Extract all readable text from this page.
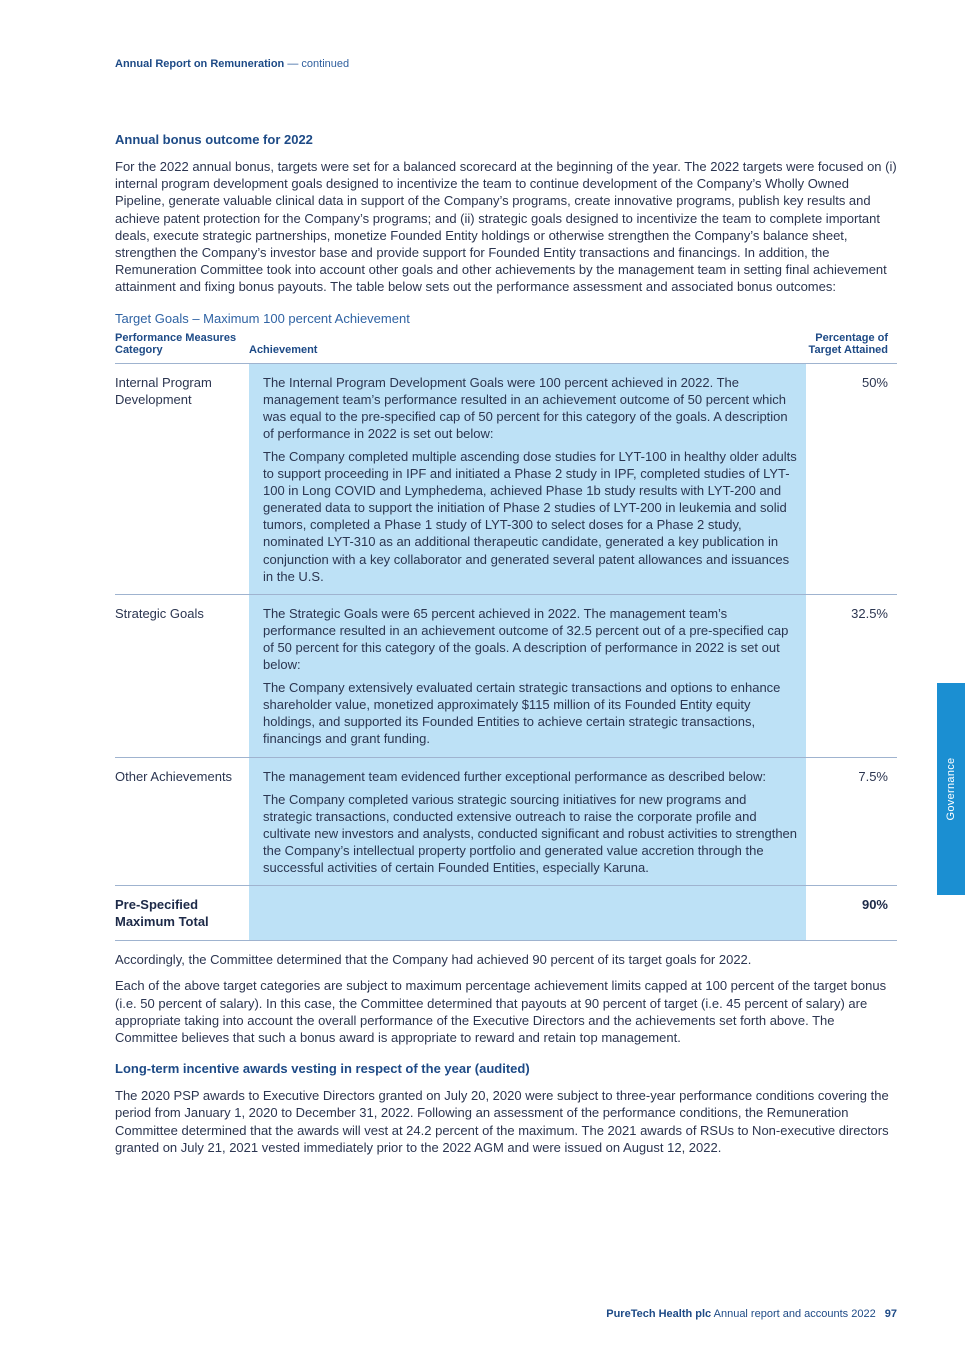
Annual Report on Remuneration — continued
Annual bonus outcome for 2022

For the 2022 annual bonus, targets were set for a balanced scorecard at the beginning of the year. The 2022 targets were focused on (i) internal program development goals designed to incentivize the team to continue development of the Company’s Wholly Owned Pipeline, generate valuable clinical data in support of the Company’s programs, create innovative programs, publish key results and achieve patent protection for the Company’s programs; and (ii) strategic goals designed to incentivize the team to complete important deals, execute strategic partnerships, monetize Founded Entity holdings or otherwise strengthen the Company’s balance sheet, strengthen the Company’s investor base and provide support for Founded Entity transactions and financings. In addition, the Remuneration Committee took into account other goals and other achievements by the management team in setting final achievement attainment and fixing bonus payouts. The table below sets out the performance assessment and associated bonus outcomes:

Target Goals – Maximum 100 percent Achievement
Performance Measures Category	Achievement	Percentage of Target Attained
Internal Program Development	The Internal Program Development Goals were 100 percent achieved in 2022. The management team’s performance resulted in an achievement outcome of 50 percent which was equal to the pre-specified cap of 50 percent for this category of the goals. A description of performance in 2022 is set out below:

The Company completed multiple ascending dose studies for LYT-100 in healthy older adults to support proceeding in IPF and initiated a Phase 2 study in IPF, completed studies of LYT-100 in Long COVID and Lymphedema, achieved Phase 1b study results with LYT-200 and generated data to support the initiation of Phase 2 studies of LYT-200 in leukemia and solid tumors, completed a Phase 1 study of LYT-300 to select doses for a Phase 2 study, nominated LYT-310 as an additional therapeutic candidate, generated a key publication in conjunction with a key collaborator and generated several patent allowances and issuances in the U.S.	50%
Strategic Goals	The Strategic Goals were 65 percent achieved in 2022. The management team’s performance resulted in an achievement outcome of 32.5 percent out of a pre-specified cap of 50 percent for this category of the goals. A description of performance in 2022 is set out below:

The Company extensively evaluated certain strategic transactions and options to enhance shareholder value, monetized approximately $115 million of its Founded Entity equity holdings, and supported its Founded Entities to achieve certain strategic transactions, financings and grant funding.	32.5%
Other Achievements	The management team evidenced further exceptional performance as described below:

The Company completed various strategic sourcing initiatives for new programs and strategic transactions, conducted extensive outreach to raise the corporate profile and cultivate new investors and analysts, conducted significant and robust activities to strengthen the Company’s intellectual property portfolio and generated value accretion through the successful activities of certain Founded Entities, especially Karuna.	7.5%
Pre-Specified Maximum Total		90%

Accordingly, the Committee determined that the Company had achieved 90 percent of its target goals for 2022.

Each of the above target categories are subject to maximum percentage achievement limits capped at 100 percent of the target bonus (i.e. 50 percent of salary). In this case, the Committee determined that payouts at 90 percent of target (i.e. 45 percent of salary) are appropriate taking into account the overall performance of the Executive Directors and the achievements set forth above. The Committee believes that such a bonus award is appropriate to reward and retain top management.

Long-term incentive awards vesting in respect of the year (audited)

The 2020 PSP awards to Executive Directors granted on July 20, 2020 were subject to three-year performance conditions covering the period from January 1, 2020 to December 31, 2022. Following an assessment of the performance conditions, the Remuneration Committee determined that the awards will vest at 24.2 percent of the maximum. The 2021 awards of RSUs to Non-executive directors granted on July 21, 2021 vested immediately prior to the 2022 AGM and were issued on August 12, 2022.

Governance
PureTech Health plc Annual report and accounts 2022 97
